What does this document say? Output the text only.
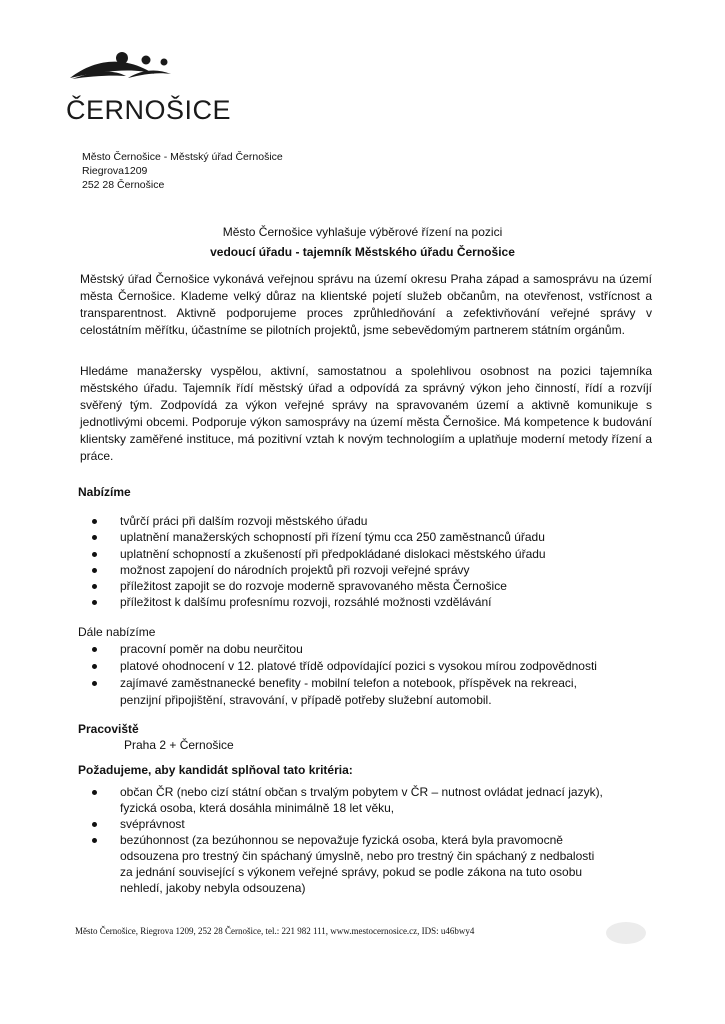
ČERNOŠICE
Město Černošice - Městský úřad Černošice
Riegrova1209
252 28 Černošice
Město Černošice vyhlašuje výběrové řízení na pozici
vedoucí úřadu - tajemník Městského úřadu Černošice
Městský úřad Černošice vykonává veřejnou správu na území okresu Praha západ a samosprávu na území města Černošice. Klademe velký důraz na klientské pojetí služeb občanům, na otevřenost, vstřícnost a transparentnost. Aktivně podporujeme proces zprůhledňování a zefektivňování veřejné správy v celostátním měřítku, účastníme se pilotních projektů, jsme sebevědomým partnerem státním orgánům.
Hledáme manažersky vyspělou, aktivní, samostatnou a spolehlivou osobnost na pozici tajemníka městského úřadu. Tajemník řídí městský úřad a odpovídá za správný výkon jeho činností, řídí a rozvíjí svěřený tým. Zodpovídá za výkon veřejné správy na spravovaném území a aktivně komunikuje s jednotlivými obcemi. Podporuje výkon samosprávy na území města Černošice. Má kompetence k budování klientsky zaměřené instituce, má pozitivní vztah k novým technologiím a uplatňuje moderní metody řízení a práce.
Nabízíme
tvůrčí práci při dalším rozvoji městského úřadu
uplatnění manažerských schopností při řízení týmu cca 250 zaměstnanců úřadu
uplatnění schopností a zkušeností při předpokládané dislokaci městského úřadu
možnost zapojení do národních projektů při rozvoji veřejné správy
příležitost zapojit se do rozvoje moderně spravovaného města Černošice
příležitost k dalšímu profesnímu rozvoji, rozsáhlé možnosti vzdělávání
Dále nabízíme
pracovní poměr na dobu neurčitou
platové ohodnocení v 12. platové třídě odpovídající pozici s vysokou mírou zodpovědnosti
zajímavé zaměstnanecké benefity - mobilní telefon a notebook, příspěvek na rekreaci,
penzijní připojištění, stravování, v případě potřeby služební automobil.
Pracoviště
Praha 2 + Černošice
Požadujeme, aby kandidát splňoval tato kritéria:
občan ČR (nebo cizí státní občan s trvalým pobytem v ČR – nutnost ovládat jednací jazyk),
fyzická osoba, která dosáhla minimálně 18 let věku,
svéprávnost
bezúhonnost (za bezúhonnou se nepovažuje fyzická osoba, která byla pravomocně
odsouzena pro trestný čin spáchaný úmyslně, nebo pro trestný čin spáchaný z nedbalosti
za jednání související s výkonem veřejné správy, pokud se podle zákona na tuto osobu
nehledí, jakoby nebyla odsouzena)
Město Černošice, Riegrova 1209, 252 28 Černošice, tel.: 221 982 111, www.mestocernosice.cz, IDS: u46bwy4
